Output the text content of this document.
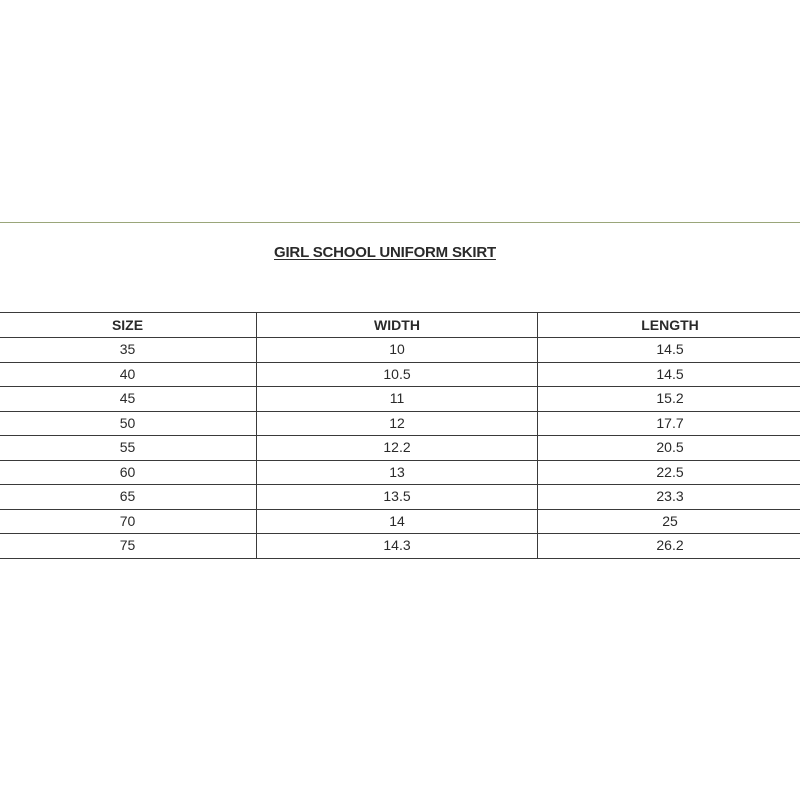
GIRL SCHOOL UNIFORM SKIRT
SIZE	WIDTH	LENGTH
35	10	14.5
40	10.5	14.5
45	11	15.2
50	12	17.7
55	12.2	20.5
60	13	22.5
65	13.5	23.3
70	14	25
75	14.3	26.2
